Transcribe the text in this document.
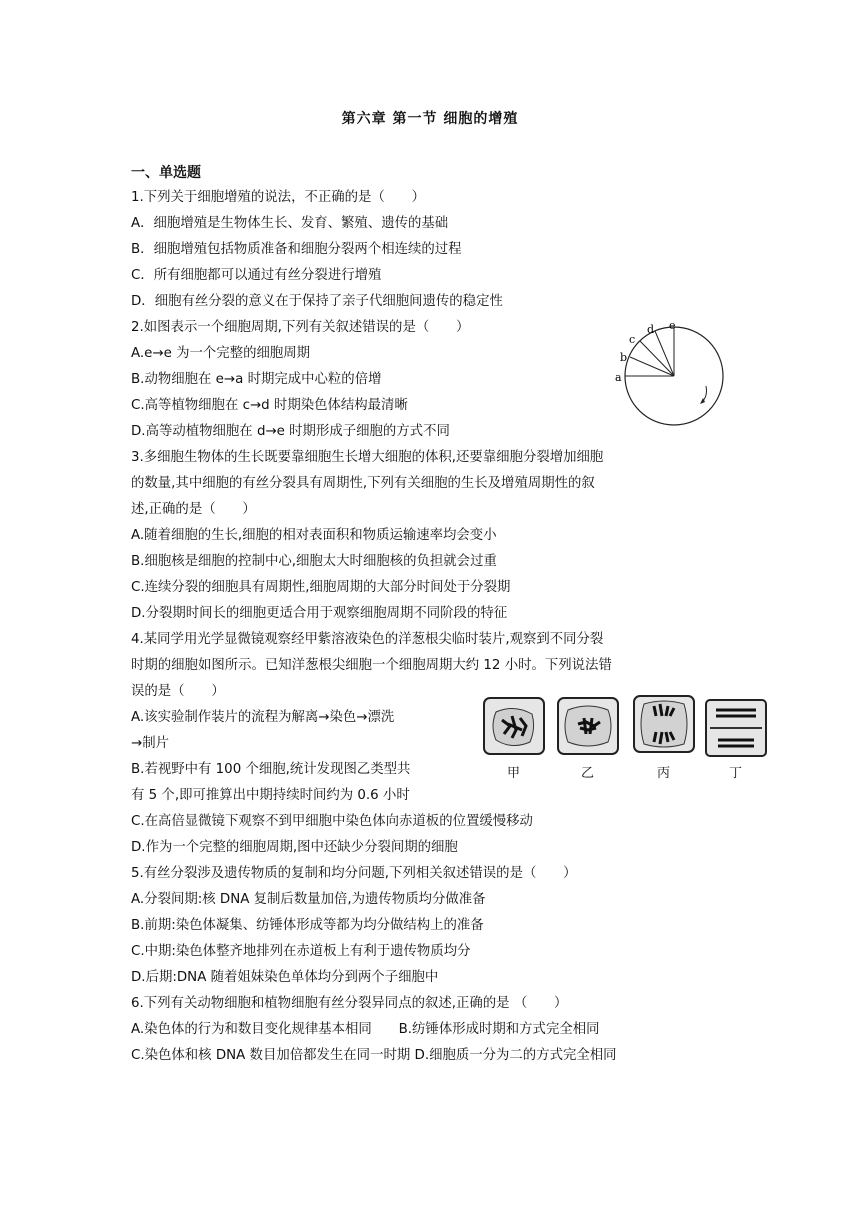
第六章 第一节 细胞的增殖
一、单选题
1.下列关于细胞增殖的说法，不正确的是（　　）
A．细胞增殖是生物体生长、发育、繁殖、遗传的基础
B．细胞增殖包括物质准备和细胞分裂两个相连续的过程
C．所有细胞都可以通过有丝分裂进行增殖
D．细胞有丝分裂的意义在于保持了亲子代细胞间遗传的稳定性
2.如图表示一个细胞周期,下列有关叙述错误的是（　　）
A.e→e 为一个完整的细胞周期
B.动物细胞在 e→a 时期完成中心粒的倍增
C.高等植物细胞在 c→d 时期染色体结构最清晰
D.高等动植物细胞在 d→e 时期形成子细胞的方式不同
e
d
c
b
a
3.多细胞生物体的生长既要靠细胞生长增大细胞的体积,还要靠细胞分裂增加细胞
的数量,其中细胞的有丝分裂具有周期性,下列有关细胞的生长及增殖周期性的叙
述,正确的是（　　）
A.随着细胞的生长,细胞的相对表面积和物质运输速率均会变小
B.细胞核是细胞的控制中心,细胞太大时细胞核的负担就会过重
C.连续分裂的细胞具有周期性,细胞周期的大部分时间处于分裂期
D.分裂期时间长的细胞更适合用于观察细胞周期不同阶段的特征
4.某同学用光学显微镜观察经甲紫溶液染色的洋葱根尖临时装片,观察到不同分裂
时期的细胞如图所示。已知洋葱根尖细胞一个细胞周期大约 12 小时。下列说法错
误的是（　　）
A.该实验制作装片的流程为解离→染色→漂洗
→制片
B.若视野中有 100 个细胞,统计发现图乙类型共
有 5 个,即可推算出中期持续时间约为 0.6 小时
C.在高倍显微镜下观察不到甲细胞中染色体向赤道板的位置缓慢移动
D.作为一个完整的细胞周期,图中还缺少分裂间期的细胞
甲	乙	丙	丁
5.有丝分裂涉及遗传物质的复制和均分问题,下列相关叙述错误的是（　　）
A.分裂间期:核 DNA 复制后数量加倍,为遗传物质均分做准备
B.前期:染色体凝集、纺锤体形成等都为均分做结构上的准备
C.中期:染色体整齐地排列在赤道板上有利于遗传物质均分
D.后期:DNA 随着姐妹染色单体均分到两个子细胞中
6.下列有关动物细胞和植物细胞有丝分裂异同点的叙述,正确的是 （　　）
A.染色体的行为和数目变化规律基本相同　　B.纺锤体形成时期和方式完全相同
C.染色体和核 DNA 数目加倍都发生在同一时期 D.细胞质一分为二的方式完全相同
